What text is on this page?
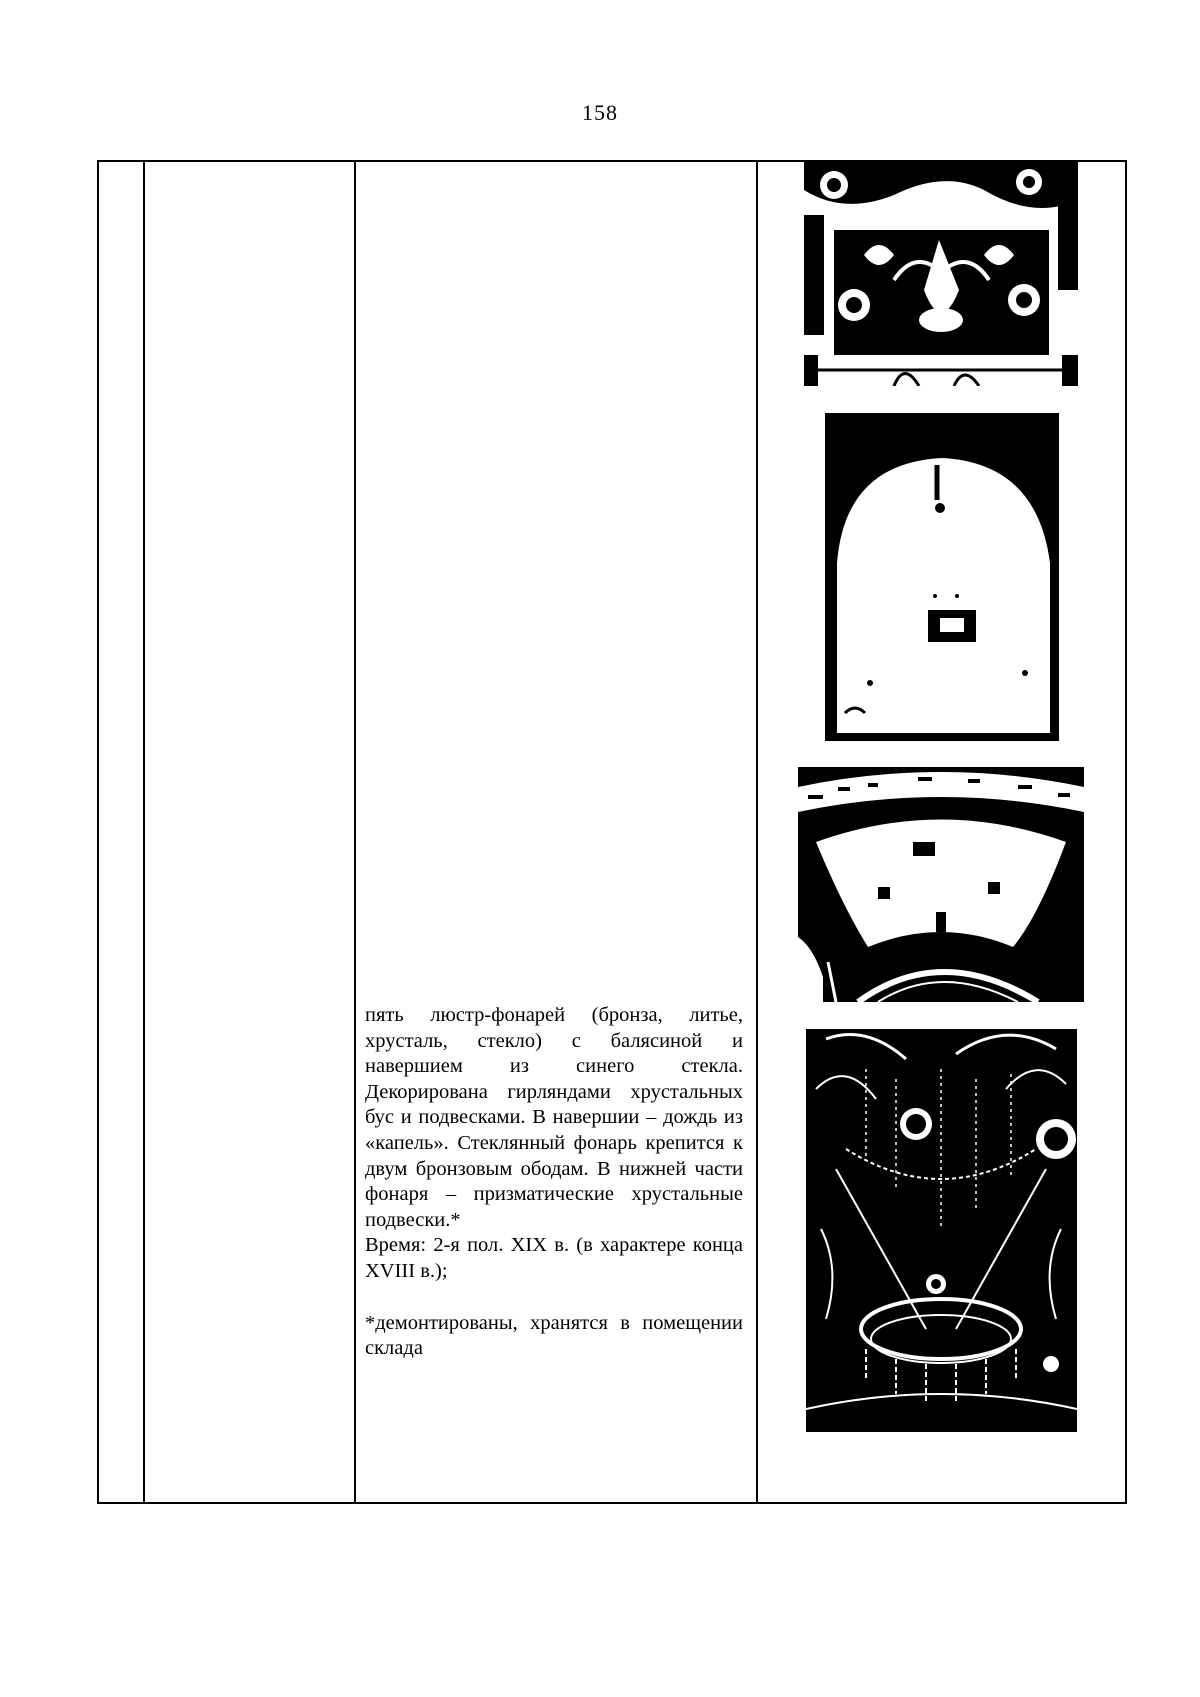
158

пять люстр-фонарей (бронза, литье, хрусталь, стекло) с балясиной и навершием из синего стекла. Декорирована гирляндами хрустальных бус и подвесками. В навершии – дождь из «капель». Стеклянный фонарь крепится к двум бронзовым ободам. В нижней части фонаря – призматические хрустальные подвески.*

Время: 2-я пол. XIX в. (в характере конца XVIII в.);

*демонтированы, хранятся в помещении склада
